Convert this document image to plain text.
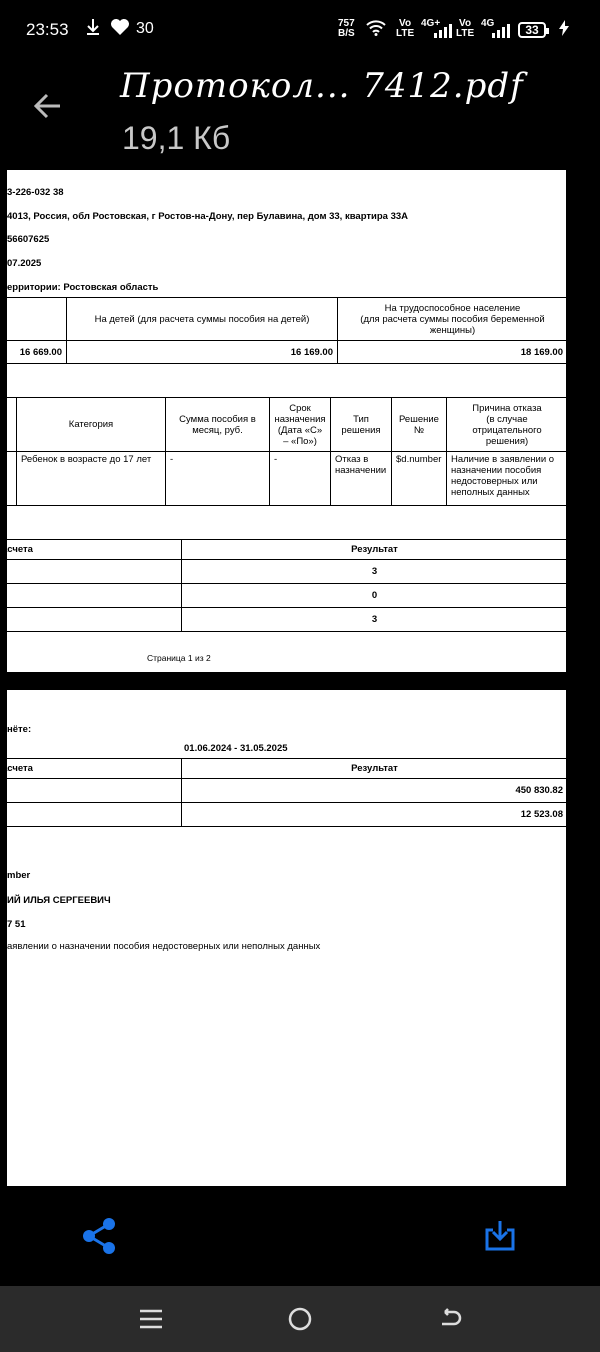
23:53	30	757
B/S
Vo
LTE
4G+	Vo
LTE
4G	33
Протокол... 7412.pdf
19,1 Кб
3-226-032 38
4013, Россия, обл Ростовская, г Ростов-на-Дону, пер Булавина, дом 33, квартира 33А
56607625
07.2025
ерритории: Ростовская область
	На детей (для расчета суммы пособия на детей)	На трудоспособное население
(для расчета суммы пособия беременной
женщины)
16 669.00	16 169.00	18 169.00
	Категория	Сумма пособия в
месяц, руб.	Срок
назначения
(Дата «С»
– «По»)	Тип
решения	Решение
№	Причина отказа
(в случае
отрицательного
решения)
	Ребенок в возрасте до 17 лет	-	-	Отказ в
назначении	$d.number	Наличие в заявлении о
назначении пособия
недостоверных или
неполных данных
асчета	Результат
	3
и	0
	3
Страница 1 из 2
нёте:
01.06.2024 - 31.05.2025
асчета	Результат
	450 830.82
	12 523.08
mber
ИЙ ИЛЬЯ СЕРГЕЕВИЧ
7 51
аявлении о назначении пособия недостоверных или неполных данных
